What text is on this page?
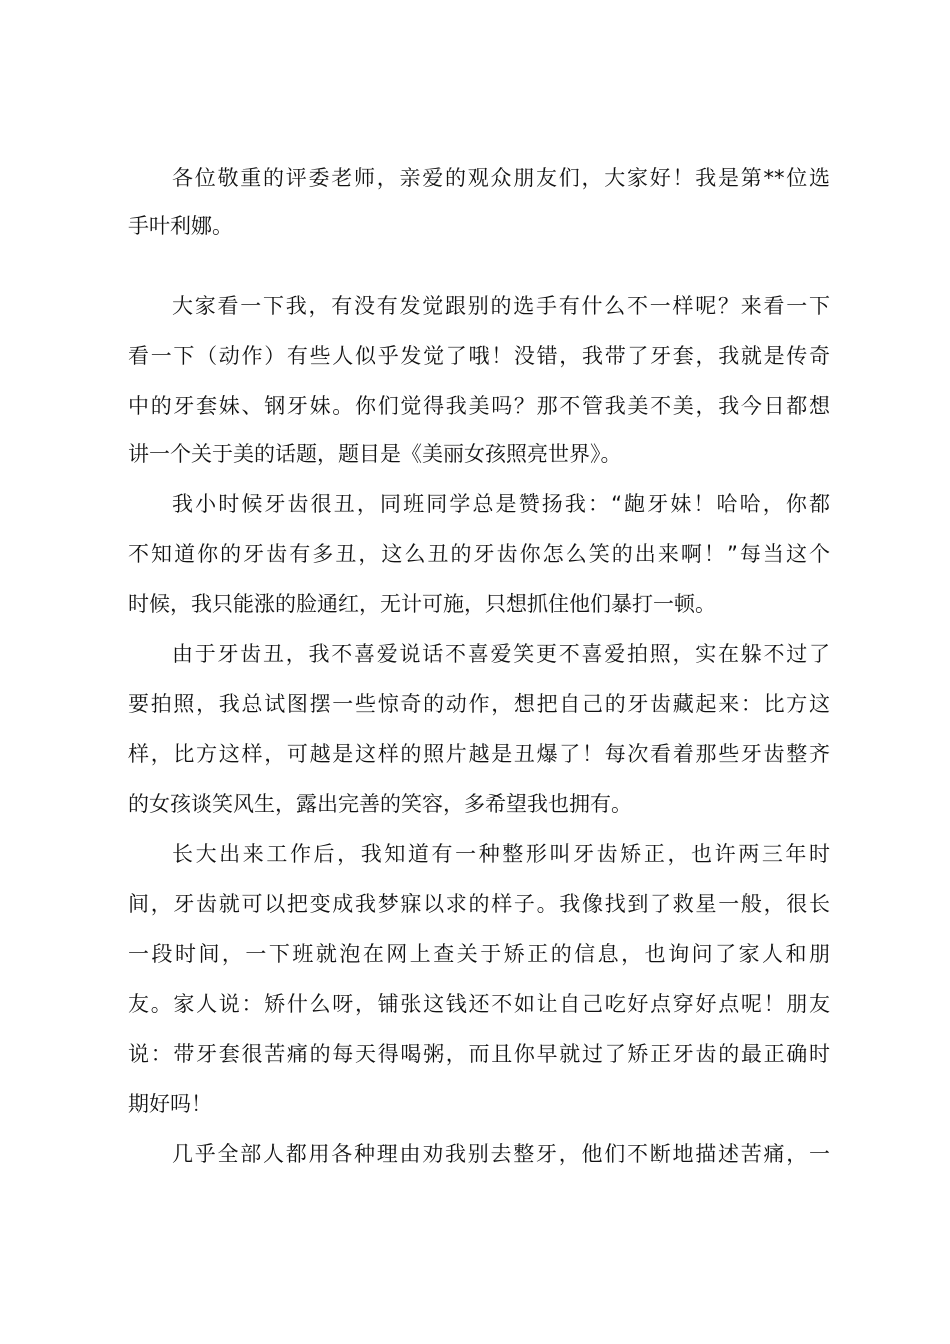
各位敬重的评委老师，亲爱的观众朋友们，大家好！我是第**位选
手叶利娜。
大家看一下我，有没有发觉跟别的选手有什么不一样呢？来看一下
看一下（动作）有些人似乎发觉了哦！没错，我带了牙套，我就是传奇
中的牙套妹、钢牙妹。你们觉得我美吗？那不管我美不美，我今日都想
讲一个关于美的话题，题目是《美丽女孩照亮世界》。
我小时候牙齿很丑，同班同学总是赞扬我：“龅牙妹！哈哈，你都
不知道你的牙齿有多丑，这么丑的牙齿你怎么笑的出来啊！”每当这个
时候，我只能涨的脸通红，无计可施，只想抓住他们暴打一顿。
由于牙齿丑，我不喜爱说话不喜爱笑更不喜爱拍照，实在躲不过了
要拍照，我总试图摆一些惊奇的动作，想把自己的牙齿藏起来：比方这
样，比方这样，可越是这样的照片越是丑爆了！每次看着那些牙齿整齐
的女孩谈笑风生，露出完善的笑容，多希望我也拥有。
长大出来工作后，我知道有一种整形叫牙齿矫正，也许两三年时
间，牙齿就可以把变成我梦寐以求的样子。我像找到了救星一般，很长
一段时间，一下班就泡在网上查关于矫正的信息，也询问了家人和朋
友。家人说：矫什么呀，铺张这钱还不如让自己吃好点穿好点呢！朋友
说：带牙套很苦痛的每天得喝粥，而且你早就过了矫正牙齿的最正确时
期好吗！
几乎全部人都用各种理由劝我别去整牙，他们不断地描述苦痛，一
